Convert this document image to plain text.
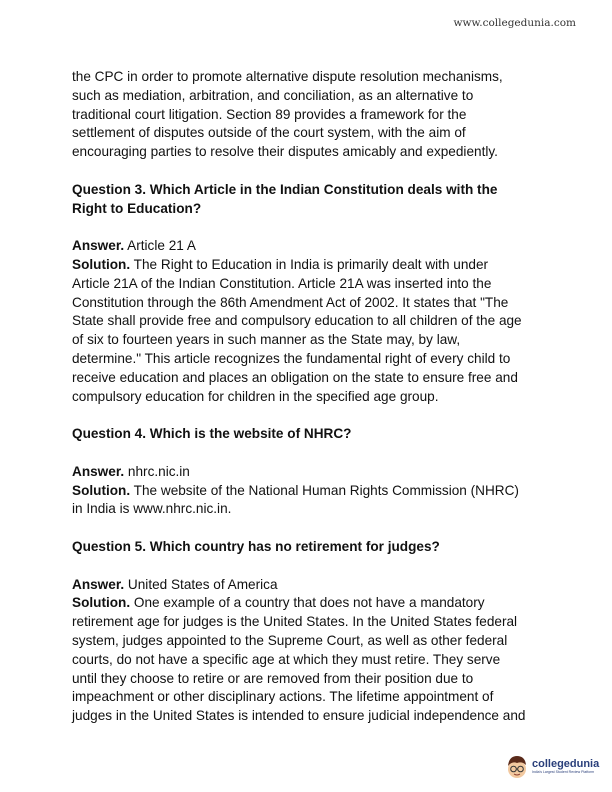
www.collegedunia.com
the CPC in order to promote alternative dispute resolution mechanisms,
such as mediation, arbitration, and conciliation, as an alternative to
traditional court litigation. Section 89 provides a framework for the
settlement of disputes outside of the court system, with the aim of
encouraging parties to resolve their disputes amicably and expediently.
Question 3. Which Article in the Indian Constitution deals with the
Right to Education?
Answer. Article 21 A
Solution. The Right to Education in India is primarily dealt with under
Article 21A of the Indian Constitution. Article 21A was inserted into the
Constitution through the 86th Amendment Act of 2002. It states that "The
State shall provide free and compulsory education to all children of the age
of six to fourteen years in such manner as the State may, by law,
determine." This article recognizes the fundamental right of every child to
receive education and places an obligation on the state to ensure free and
compulsory education for children in the specified age group.
Question 4. Which is the website of NHRC?
Answer. nhrc.nic.in
Solution. The website of the National Human Rights Commission (NHRC)
in India is www.nhrc.nic.in.
Question 5. Which country has no retirement for judges?
Answer. United States of America
Solution. One example of a country that does not have a mandatory
retirement age for judges is the United States. In the United States federal
system, judges appointed to the Supreme Court, as well as other federal
courts, do not have a specific age at which they must retire. They serve
until they choose to retire or are removed from their position due to
impeachment or other disciplinary actions. The lifetime appointment of
judges in the United States is intended to ensure judicial independence and
collegedunia
India's Largest Student Review Platform
